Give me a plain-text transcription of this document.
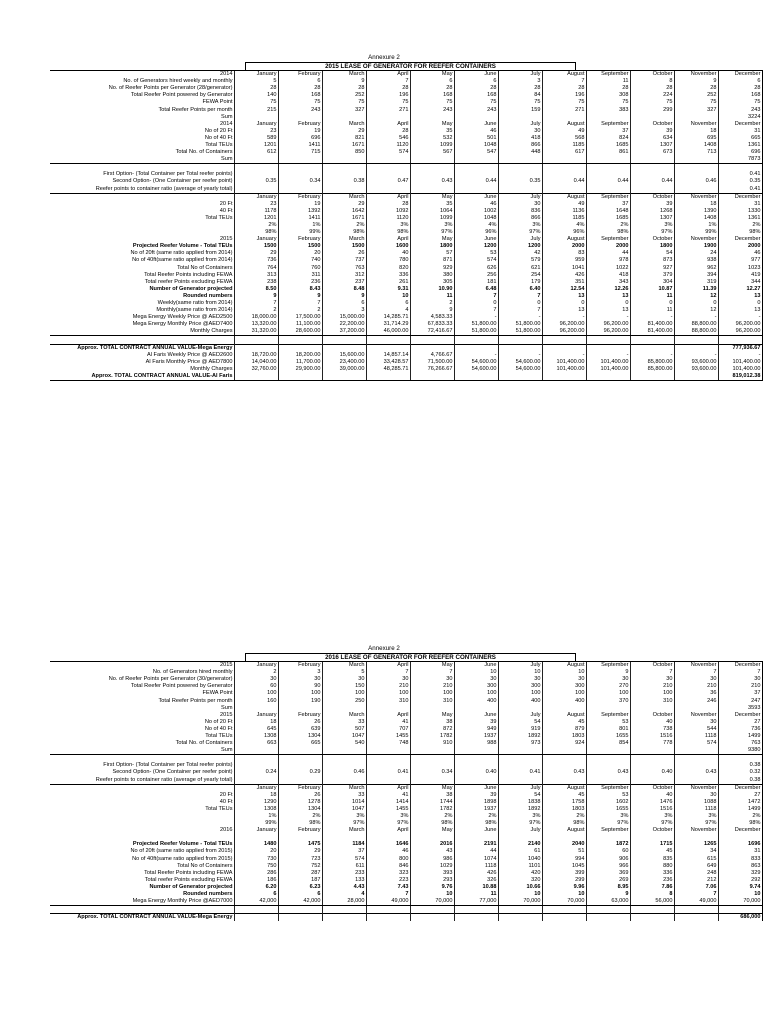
Annexure 2
2015 LEASE OF GENERATOR FOR REEFER CONTAINERS
2014	January	February	March	April	May	June	July	August	September	October	November	December
No. of Generators hired weekly and monthly	5	6	9	7	6	6	3	7	11	8	9	6
No. of Reefer Points per Generator (28/generator)	28	28	28	28	28	28	28	28	28	28	28	28
Total Reefer Point powered by Generator	140	168	252	196	168	168	84	196	308	224	252	168
FEWA Point	75	75	75	75	75	75	75	75	75	75	75	75
Total Reefer Points per month	215	243	327	271	243	243	159	271	383	299	327	243
Sum												3224
2014	January	February	March	April	May	June	July	August	September	October	November	December
No of 20 Ft	23	19	29	28	35	46	30	49	37	39	18	31
No of 40 Ft	589	696	821	546	532	501	418	568	824	634	695	665
Total TEUs	1201	1411	1671	1120	1099	1048	866	1185	1685	1307	1408	1361
Total No. of Containers	612	715	850	574	567	547	448	617	861	673	713	696
Sum												7873

First Option- (Total Container per Total reefer points)												0.41
Second Option- (One Container per reefer point)	0.35	0.34	0.38	0.47	0.43	0.44	0.35	0.44	0.44	0.44	0.46	0.35
Reefer points to container ratio (average of yearly total)												0.41
	January	February	March	April	May	June	July	August	September	October	November	December
20 Ft	23	19	29	28	35	46	30	49	37	39	18	31
40 Ft	1178	1392	1642	1092	1064	1002	836	1136	1648	1268	1390	1330
Total TEUs	1201	1411	1671	1120	1099	1048	866	1185	1685	1307	1408	1361
	2%	1%	2%	3%	3%	4%	3%	4%	2%	3%	1%	2%
	98%	99%	98%	98%	97%	96%	97%	96%	98%	97%	99%	98%
2015	January	February	March	April	May	June	July	August	September	October	November	December
Projected Reefer Volume - Total TEUs	1500	1500	1500	1600	1800	1200	1200	2000	2000	1800	1900	2000
No of 20ft (same ratio applied from 2014)	29	20	26	40	57	53	42	83	44	54	24	46
No of 40ft(same ratio applied from 2014)	736	740	737	780	871	574	579	959	978	873	938	977
Total No of Containers	764	760	763	820	929	626	621	1041	1022	927	962	1023
Total Reefer Points including FEWA	313	311	312	336	380	256	254	426	418	379	394	419
Total reefer Points excluding FEWA	238	236	237	261	305	181	179	351	343	304	319	344
Number of Generator projected	8.50	8.43	8.48	9.31	10.90	6.48	6.40	12.54	12.26	10.87	11.39	12.27
Rounded numbers	9	9	9	10	11	7	7	13	13	11	12	13
Weekly(same ratio from 2014)	7	7	6	6	2	0	0	0	0	0	0	0
Monthly(same ratio from 2014)	2	2	3	4	9	7	7	13	13	11	12	13
Mega Energy Weekly Price @ AED2500	18,000.00	17,500.00	15,000.00	14,285.71	4,583.33	-	-	-	-	-	-	-
Mega Energy Monthly Price @AED7400	13,320.00	11,100.00	22,200.00	31,714.29	67,833.33	51,800.00	51,800.00	96,200.00	96,200.00	81,400.00	88,800.00	96,200.00
Monthly Charges	31,320.00	28,600.00	37,200.00	46,000.00	72,416.67	51,800.00	51,800.00	96,200.00	96,200.00	81,400.00	88,800.00	96,200.00

Approx. TOTAL CONTRACT ANNUAL VALUE-Mega Energy												777,936.67
Al Faris Weekly Price @ AED2600	18,720.00	18,200.00	15,600.00	14,857.14	4,766.67	-	-	-	-	-	-	-
Al Faris Monthly Price @ AED7800	14,040.00	11,700.00	23,400.00	33,428.57	71,500.00	54,600.00	54,600.00	101,400.00	101,400.00	85,800.00	93,600.00	101,400.00
Monthly Charges	32,760.00	29,900.00	39,000.00	48,285.71	76,266.67	54,600.00	54,600.00	101,400.00	101,400.00	85,800.00	93,600.00	101,400.00
Approx. TOTAL CONTRACT ANNUAL VALUE-Al Faris												819,012.38
Annexure 2
2016 LEASE OF GENERATOR FOR REEFER CONTAINERS
2015	January	February	March	April	May	June	July	August	September	October	November	December
No. of Generators hired monthly	2	3	5	7	7	10	10	10	9	7	7	7
No. of Reefer Points per Generator (30/generator)	30	30	30	30	30	30	30	30	30	30	30	30
Total Reefer Point powered by Generator	60	90	150	210	210	300	300	300	270	210	210	210
FEWA Point	100	100	100	100	100	100	100	100	100	100	36	37
Total Reefer Points per month	160	190	250	310	310	400	400	400	370	310	246	247
Sum												3593
2015	January	February	March	April	May	June	July	August	September	October	November	December
No of 20 Ft	18	26	33	41	38	39	54	45	53	40	30	27
No of 40 Ft	645	639	507	707	872	949	919	879	801	738	544	736
Total TEUs	1308	1304	1047	1455	1782	1937	1892	1803	1655	1516	1118	1499
Total No. of Containers	663	665	540	748	910	988	973	924	854	778	574	763
Sum												9380

First Option- (Total Container per Total reefer points)												0.38
Second Option- (One Container per reefer point)	0.24	0.29	0.46	0.41	0.34	0.40	0.41	0.43	0.43	0.40	0.43	0.32
Reefer points to container ratio (average of yearly total)												0.38
	January	February	March	April	May	June	July	August	September	October	November	December
20 Ft	18	26	33	41	38	39	54	45	53	40	30	27
40 Ft	1290	1278	1014	1414	1744	1898	1838	1758	1602	1476	1088	1472
Total TEUs	1308	1304	1047	1455	1782	1937	1892	1803	1655	1516	1118	1499
	1%	2%	3%	3%	2%	2%	3%	2%	3%	3%	3%	2%
	99%	98%	97%	97%	98%	98%	97%	98%	97%	97%	97%	98%
2016	January	February	March	April	May	June	July	August	September	October	November	December

Projected Reefer Volume - Total TEUs	1480	1475	1184	1646	2016	2191	2140	2040	1872	1715	1265	1696
No of 20ft (same ratio applied from 2015)	20	29	37	46	43	44	61	51	60	45	34	31
No of 40ft(same ratio applied from 2015)	730	723	574	800	986	1074	1040	994	906	835	615	833
Total No of Containers	750	752	611	846	1029	1118	1101	1045	966	880	649	863
Total Reefer Points including FEWA	286	287	233	323	393	426	420	399	369	336	248	329
Total reefer Points excluding FEWA	186	187	133	223	293	326	320	299	269	236	212	292
Number of Generator projected	6.20	6.23	4.43	7.43	9.76	10.88	10.66	9.96	8.95	7.86	7.06	9.74
Rounded numbers	6	6	4	7	10	11	10	10	9	8	7	10
Mega Energy Monthly Price @AED7000	42,000	42,000	28,000	49,000	70,000	77,000	70,000	70,000	63,000	56,000	49,000	70,000

Approx. TOTAL CONTRACT ANNUAL VALUE-Mega Energy												686,000
